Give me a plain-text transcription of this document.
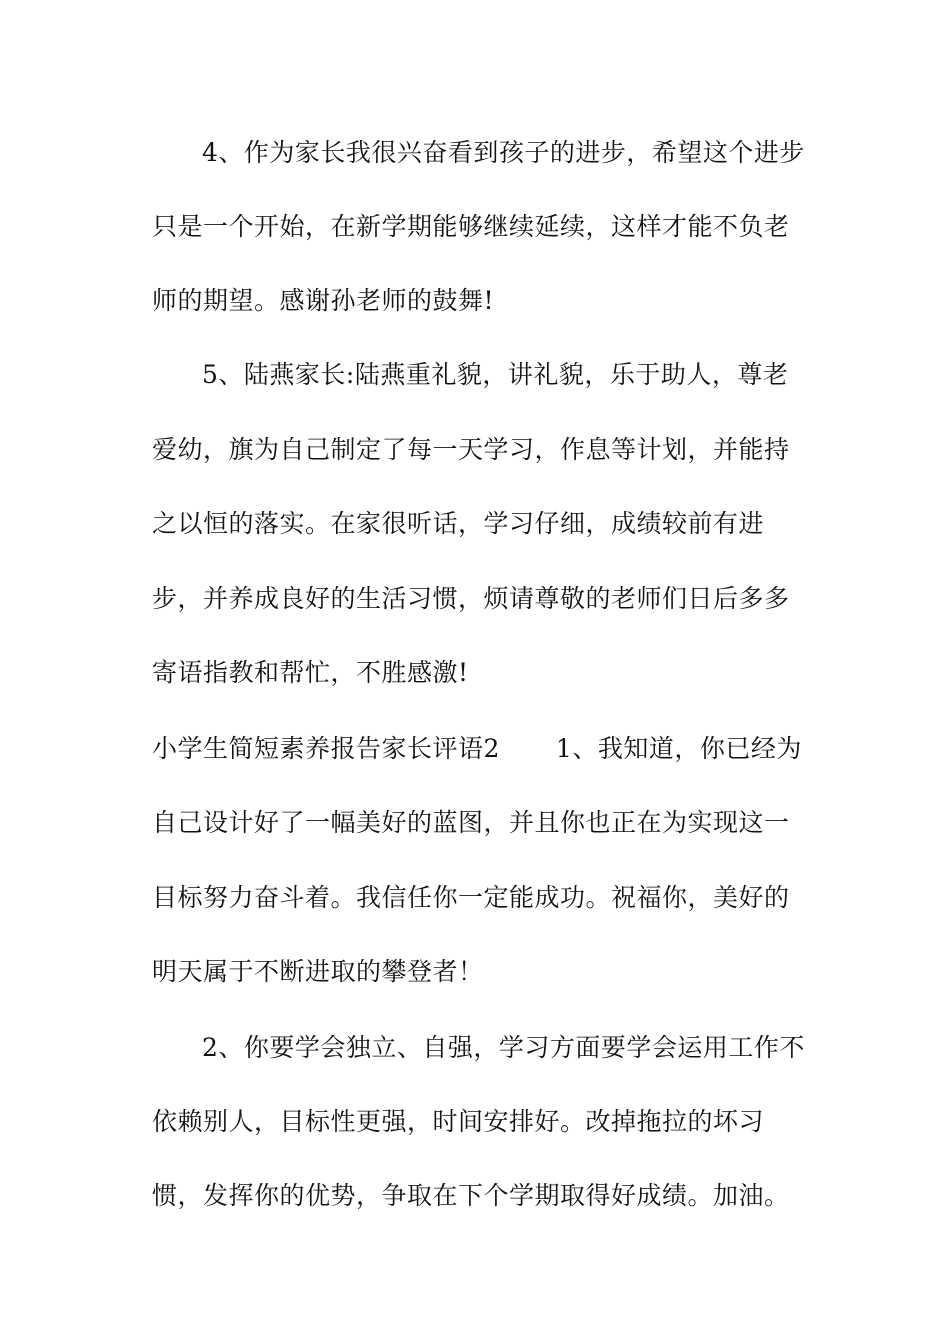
4、作为家长我很兴奋看到孩子的进步，希望这个进步
只是一个开始，在新学期能够继续延续，这样才能不负老
师的期望。感谢孙老师的鼓舞!
5、陆燕家长:陆燕重礼貌，讲礼貌，乐于助人，尊老
爱幼，旗为自己制定了每一天学习，作息等计划，并能持
之以恒的落实。在家很听话，学习仔细，成绩较前有进
步，并养成良好的生活习惯，烦请尊敬的老师们日后多多
寄语指教和帮忙，不胜感激!
小学生简短素养报告家长评语2 1、我知道，你已经为
自己设计好了一幅美好的蓝图，并且你也正在为实现这一
目标努力奋斗着。我信任你一定能成功。祝福你，美好的
明天属于不断进取的攀登者！
2、你要学会独立、自强，学习方面要学会运用工作不
依赖别人，目标性更强，时间安排好。改掉拖拉的坏习
惯，发挥你的优势，争取在下个学期取得好成绩。加油。
